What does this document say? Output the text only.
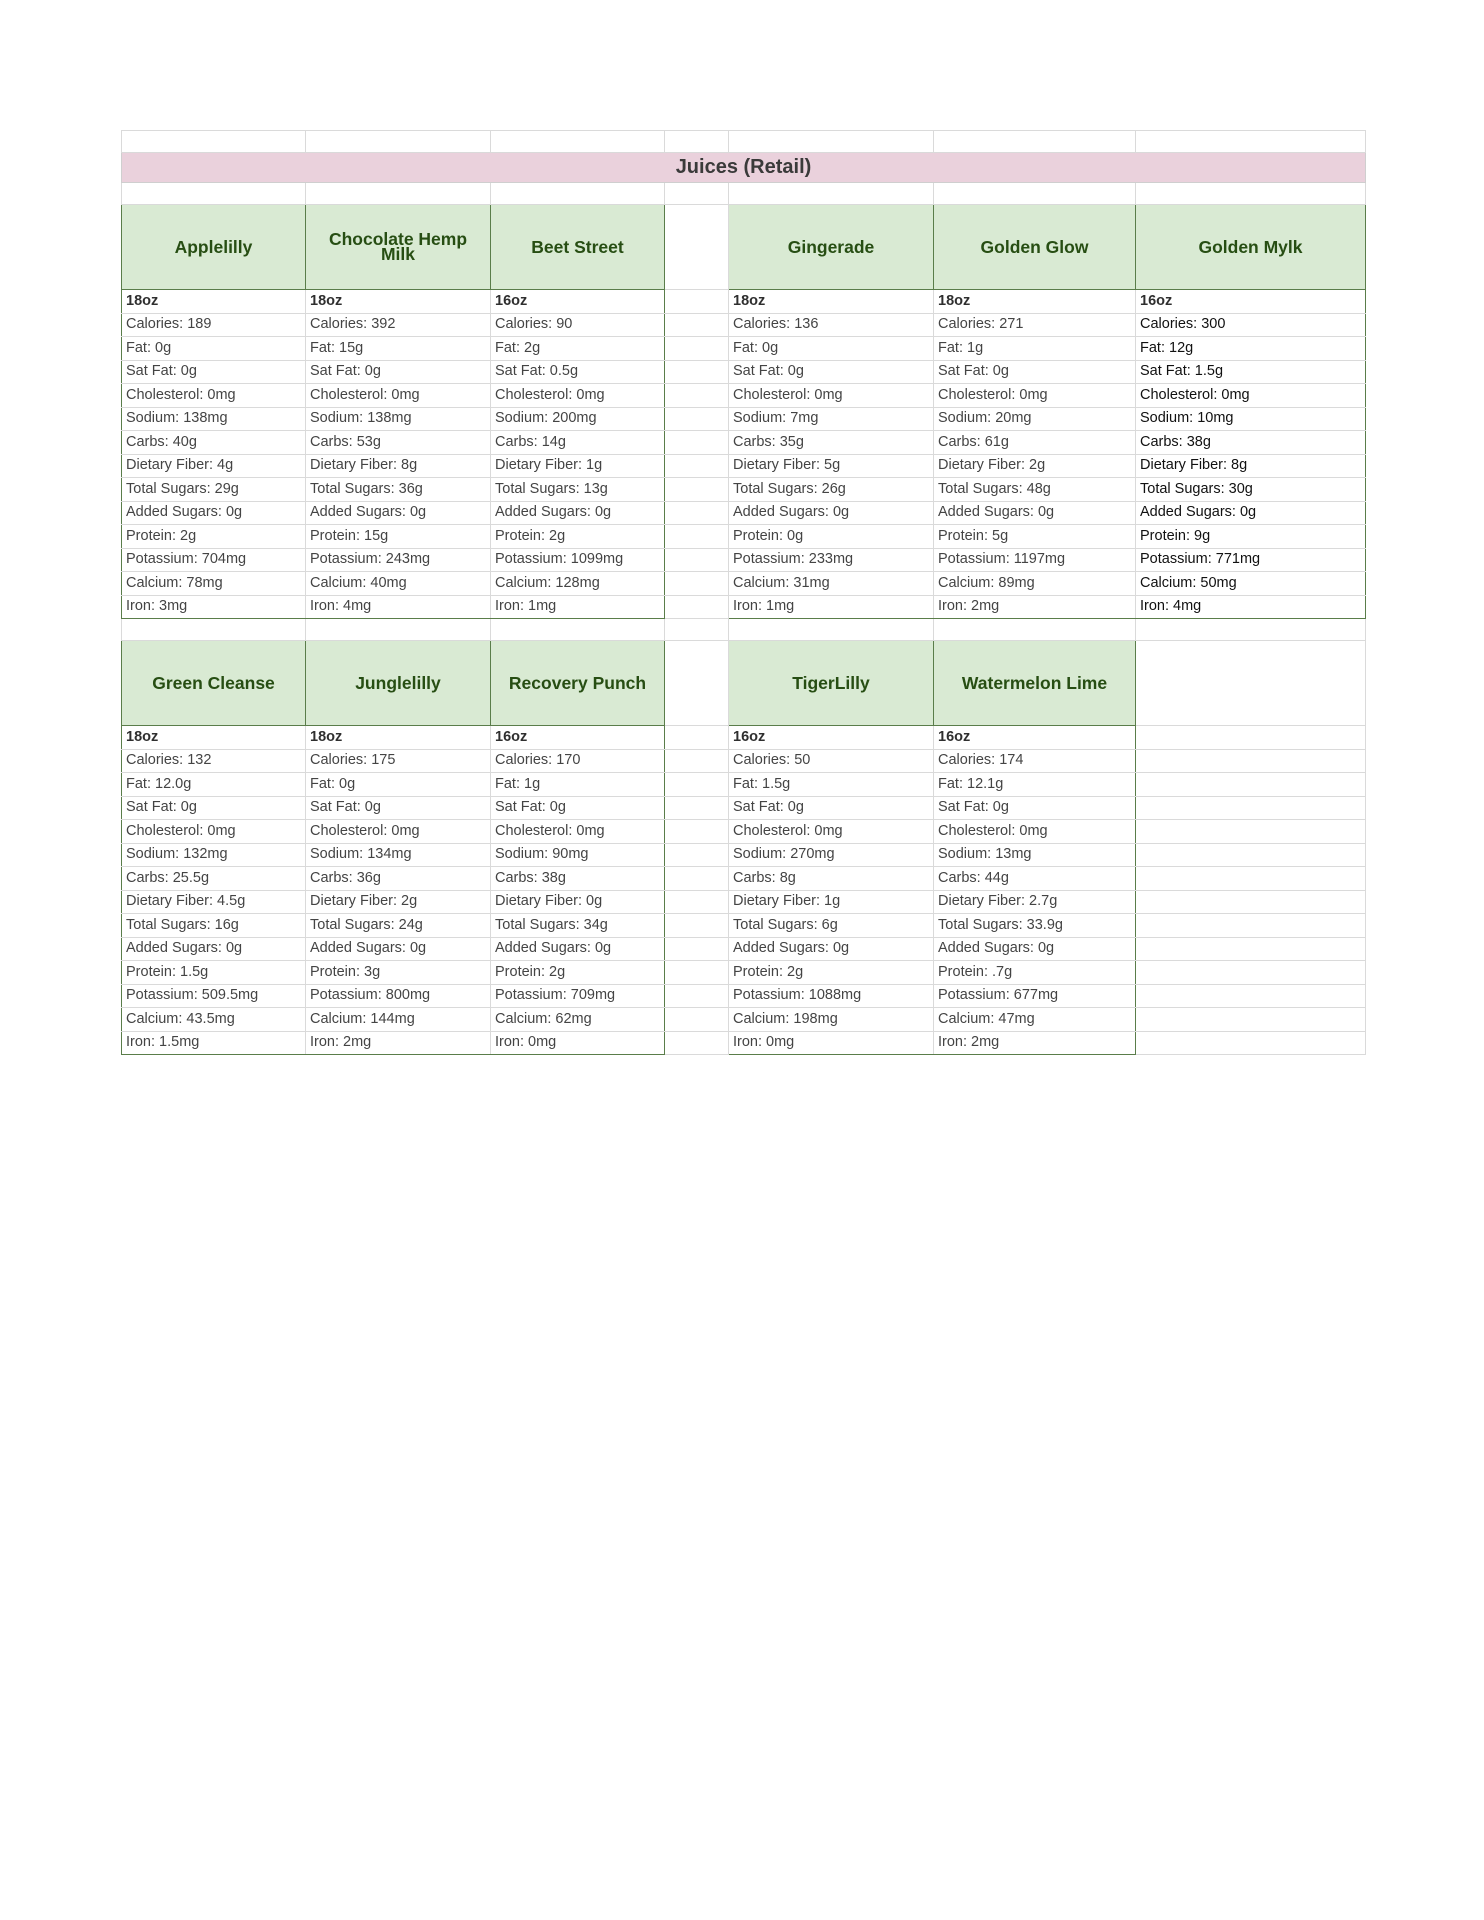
Juices (Retail)						

Applelilly	Chocolate Hemp Milk	Beet Street		Gingerade	Golden Glow	Golden Mylk
18oz	18oz	16oz		18oz	18oz	16oz
Calories: 189	Calories: 392	Calories: 90		Calories: 136	Calories: 271	Calories: 300
Fat: 0g	Fat: 15g	Fat: 2g		Fat: 0g	Fat: 1g	Fat: 12g
Sat Fat: 0g	Sat Fat: 0g	Sat Fat: 0.5g		Sat Fat: 0g	Sat Fat: 0g	Sat Fat: 1.5g
Cholesterol: 0mg	Cholesterol: 0mg	Cholesterol: 0mg		Cholesterol: 0mg	Cholesterol: 0mg	Cholesterol: 0mg
Sodium: 138mg	Sodium: 138mg	Sodium: 200mg		Sodium: 7mg	Sodium: 20mg	Sodium: 10mg
Carbs: 40g	Carbs: 53g	Carbs: 14g		Carbs: 35g	Carbs: 61g	Carbs: 38g
Dietary Fiber: 4g	Dietary Fiber: 8g	Dietary Fiber: 1g		Dietary Fiber: 5g	Dietary Fiber: 2g	Dietary Fiber: 8g
Total Sugars: 29g	Total Sugars: 36g	Total Sugars: 13g		Total Sugars: 26g	Total Sugars: 48g	Total Sugars: 30g
Added Sugars: 0g	Added Sugars: 0g	Added Sugars: 0g		Added Sugars: 0g	Added Sugars: 0g	Added Sugars: 0g
Protein: 2g	Protein: 15g	Protein: 2g		Protein: 0g	Protein: 5g	Protein: 9g
Potassium: 704mg	Potassium: 243mg	Potassium: 1099mg		Potassium: 233mg	Potassium: 1197mg	Potassium: 771mg
Calcium: 78mg	Calcium: 40mg	Calcium: 128mg		Calcium: 31mg	Calcium: 89mg	Calcium: 50mg
Iron: 3mg	Iron: 4mg	Iron: 1mg		Iron: 1mg	Iron: 2mg	Iron: 4mg

Green Cleanse	Junglelilly	Recovery Punch		TigerLilly	Watermelon Lime	
18oz	18oz	16oz		16oz	16oz	
Calories: 132	Calories: 175	Calories: 170		Calories: 50	Calories: 174	
Fat: 12.0g	Fat: 0g	Fat: 1g		Fat: 1.5g	Fat: 12.1g	
Sat Fat: 0g	Sat Fat: 0g	Sat Fat: 0g		Sat Fat: 0g	Sat Fat: 0g	
Cholesterol: 0mg	Cholesterol: 0mg	Cholesterol: 0mg		Cholesterol: 0mg	Cholesterol: 0mg	
Sodium: 132mg	Sodium: 134mg	Sodium: 90mg		Sodium: 270mg	Sodium: 13mg	
Carbs: 25.5g	Carbs: 36g	Carbs: 38g		Carbs: 8g	Carbs: 44g	
Dietary Fiber: 4.5g	Dietary Fiber: 2g	Dietary Fiber: 0g		Dietary Fiber: 1g	Dietary Fiber: 2.7g	
Total Sugars: 16g	Total Sugars: 24g	Total Sugars: 34g		Total Sugars: 6g	Total Sugars: 33.9g	
Added Sugars: 0g	Added Sugars: 0g	Added Sugars: 0g		Added Sugars: 0g	Added Sugars: 0g	
Protein: 1.5g	Protein: 3g	Protein: 2g		Protein: 2g	Protein: .7g	
Potassium: 509.5mg	Potassium: 800mg	Potassium: 709mg		Potassium: 1088mg	Potassium: 677mg	
Calcium: 43.5mg	Calcium: 144mg	Calcium: 62mg		Calcium: 198mg	Calcium: 47mg	
Iron: 1.5mg	Iron: 2mg	Iron: 0mg		Iron: 0mg	Iron: 2mg	
